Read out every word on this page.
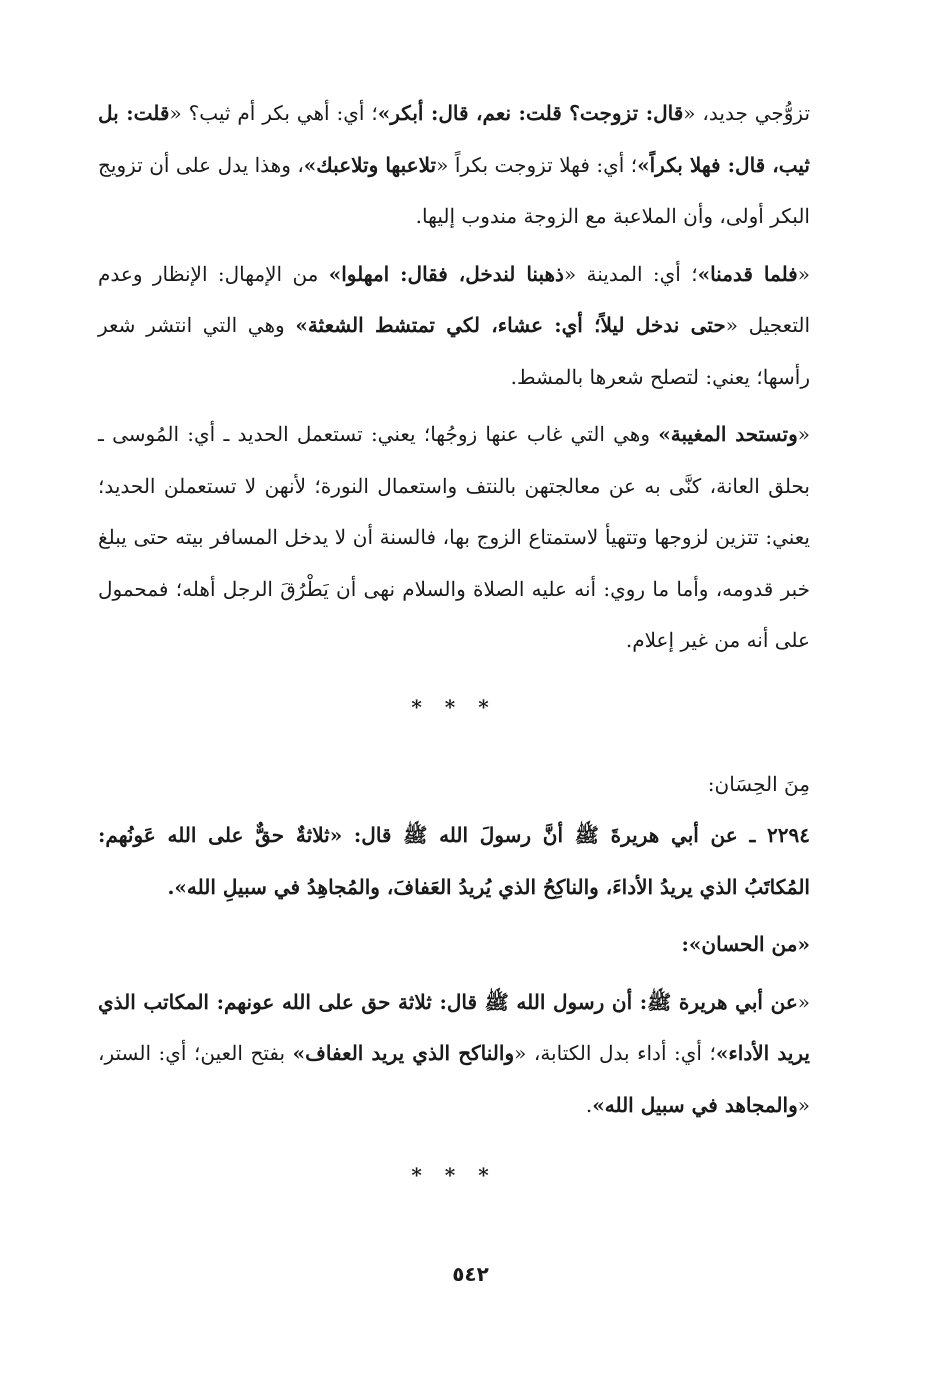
تزوُّجي جديد، «قال: تزوجت؟ قلت: نعم، قال: أبكر»؛ أي: أهي بكر أم ثيب؟ «قلت: بل ثيب، قال: فهلا بكراً»؛ أي: فهلا تزوجت بكراً «تلاعبها وتلاعبك»، وهذا يدل على أن تزويج البكر أولى، وأن الملاعبة مع الزوجة مندوب إليها.

«فلما قدمنا»؛ أي: المدينة «ذهبنا لندخل، فقال: امهلوا» من الإمهال: الإنظار وعدم التعجيل «حتى ندخل ليلاً؛ أي: عشاء، لكي تمتشط الشعثة» وهي التي انتشر شعر رأسها؛ يعني: لتصلح شعرها بالمشط.

«وتستحد المغيبة» وهي التي غاب عنها زوجُها؛ يعني: تستعمل الحديد ـ أي: المُوسى ـ بحلق العانة، كنَّى به عن معالجتهن بالنتف واستعمال النورة؛ لأنهن لا تستعملن الحديد؛ يعني: تتزين لزوجها وتتهيأ لاستمتاع الزوج بها، فالسنة أن لا يدخل المسافر بيته حتى يبلغ خبر قدومه، وأما ما روي: أنه عليه الصلاة والسلام نهى أن يَطْرُقَ الرجل أهله؛ فمحمول على أنه من غير إعلام.

* * *

مِنَ الحِسَان:

٢٢٩٤ ـ عن أبي هريرةَ ﷺ أنَّ رسولَ الله ﷺ قال: «ثلاثةٌ حقٌّ على الله عَونُهم: المُكاتَبُ الذي يريدُ الأداءَ، والناكِحُ الذي يُريدُ العَفافَ، والمُجاهِدُ في سبيلِ الله».

«من الحسان»:

«عن أبي هريرة ﷺ: أن رسول الله ﷺ قال: ثلاثة حق على الله عونهم: المكاتب الذي يريد الأداء»؛ أي: أداء بدل الكتابة، «والناكح الذي يريد العفاف» بفتح العين؛ أي: الستر، «والمجاهد في سبيل الله».

* * *
٥٤٢
